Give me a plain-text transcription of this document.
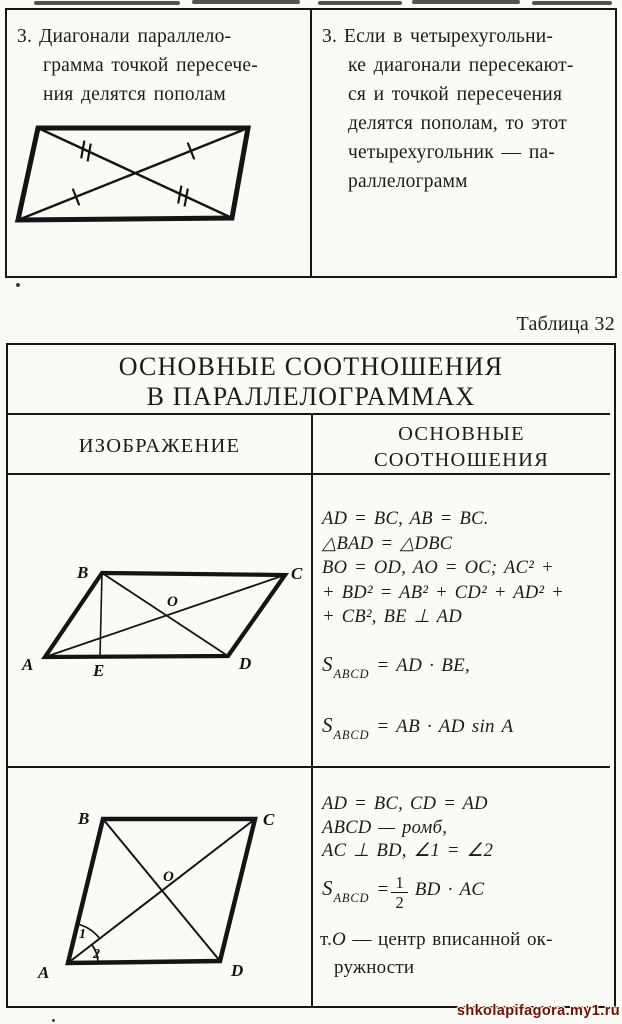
3. Диагонали параллело-
грамма точкой пересече-
ния делятся пополам
3. Если в четырехугольни-
ке диагонали пересекают-
ся и точкой пересечения
делятся пополам, то этот
четырехугольник — па-
раллелограмм
Таблица 32
ОСНОВНЫЕ СООТНОШЕНИЯ
В ПАРАЛЛЕЛОГРАММАХ
ИЗОБРАЖЕНИЕ
ОСНОВНЫЕ
СООТНОШЕНИЯ
B	C
A	D
E
O
AD = BC, AB = BC.
△BAD = △DBC
BO = OD, AO = OC; AC² +
+ BD² = AB² + CD² + AD² +
+ CB², BE ⊥ AD
$S_{ABCD}$ = AD · BE,
$S_{ABCD}$ = AB · AD sin A
B	C
A	D
O
1
2
AD = BC, CD = AD
ABCD — ромб,
AC ⊥ BD, ∠1 = ∠2
$S_{ABCD} = \frac{1}{2}$ BD · AC
т.O — центр вписанной ок-
ружности
shkolapifagora.my1.ru
